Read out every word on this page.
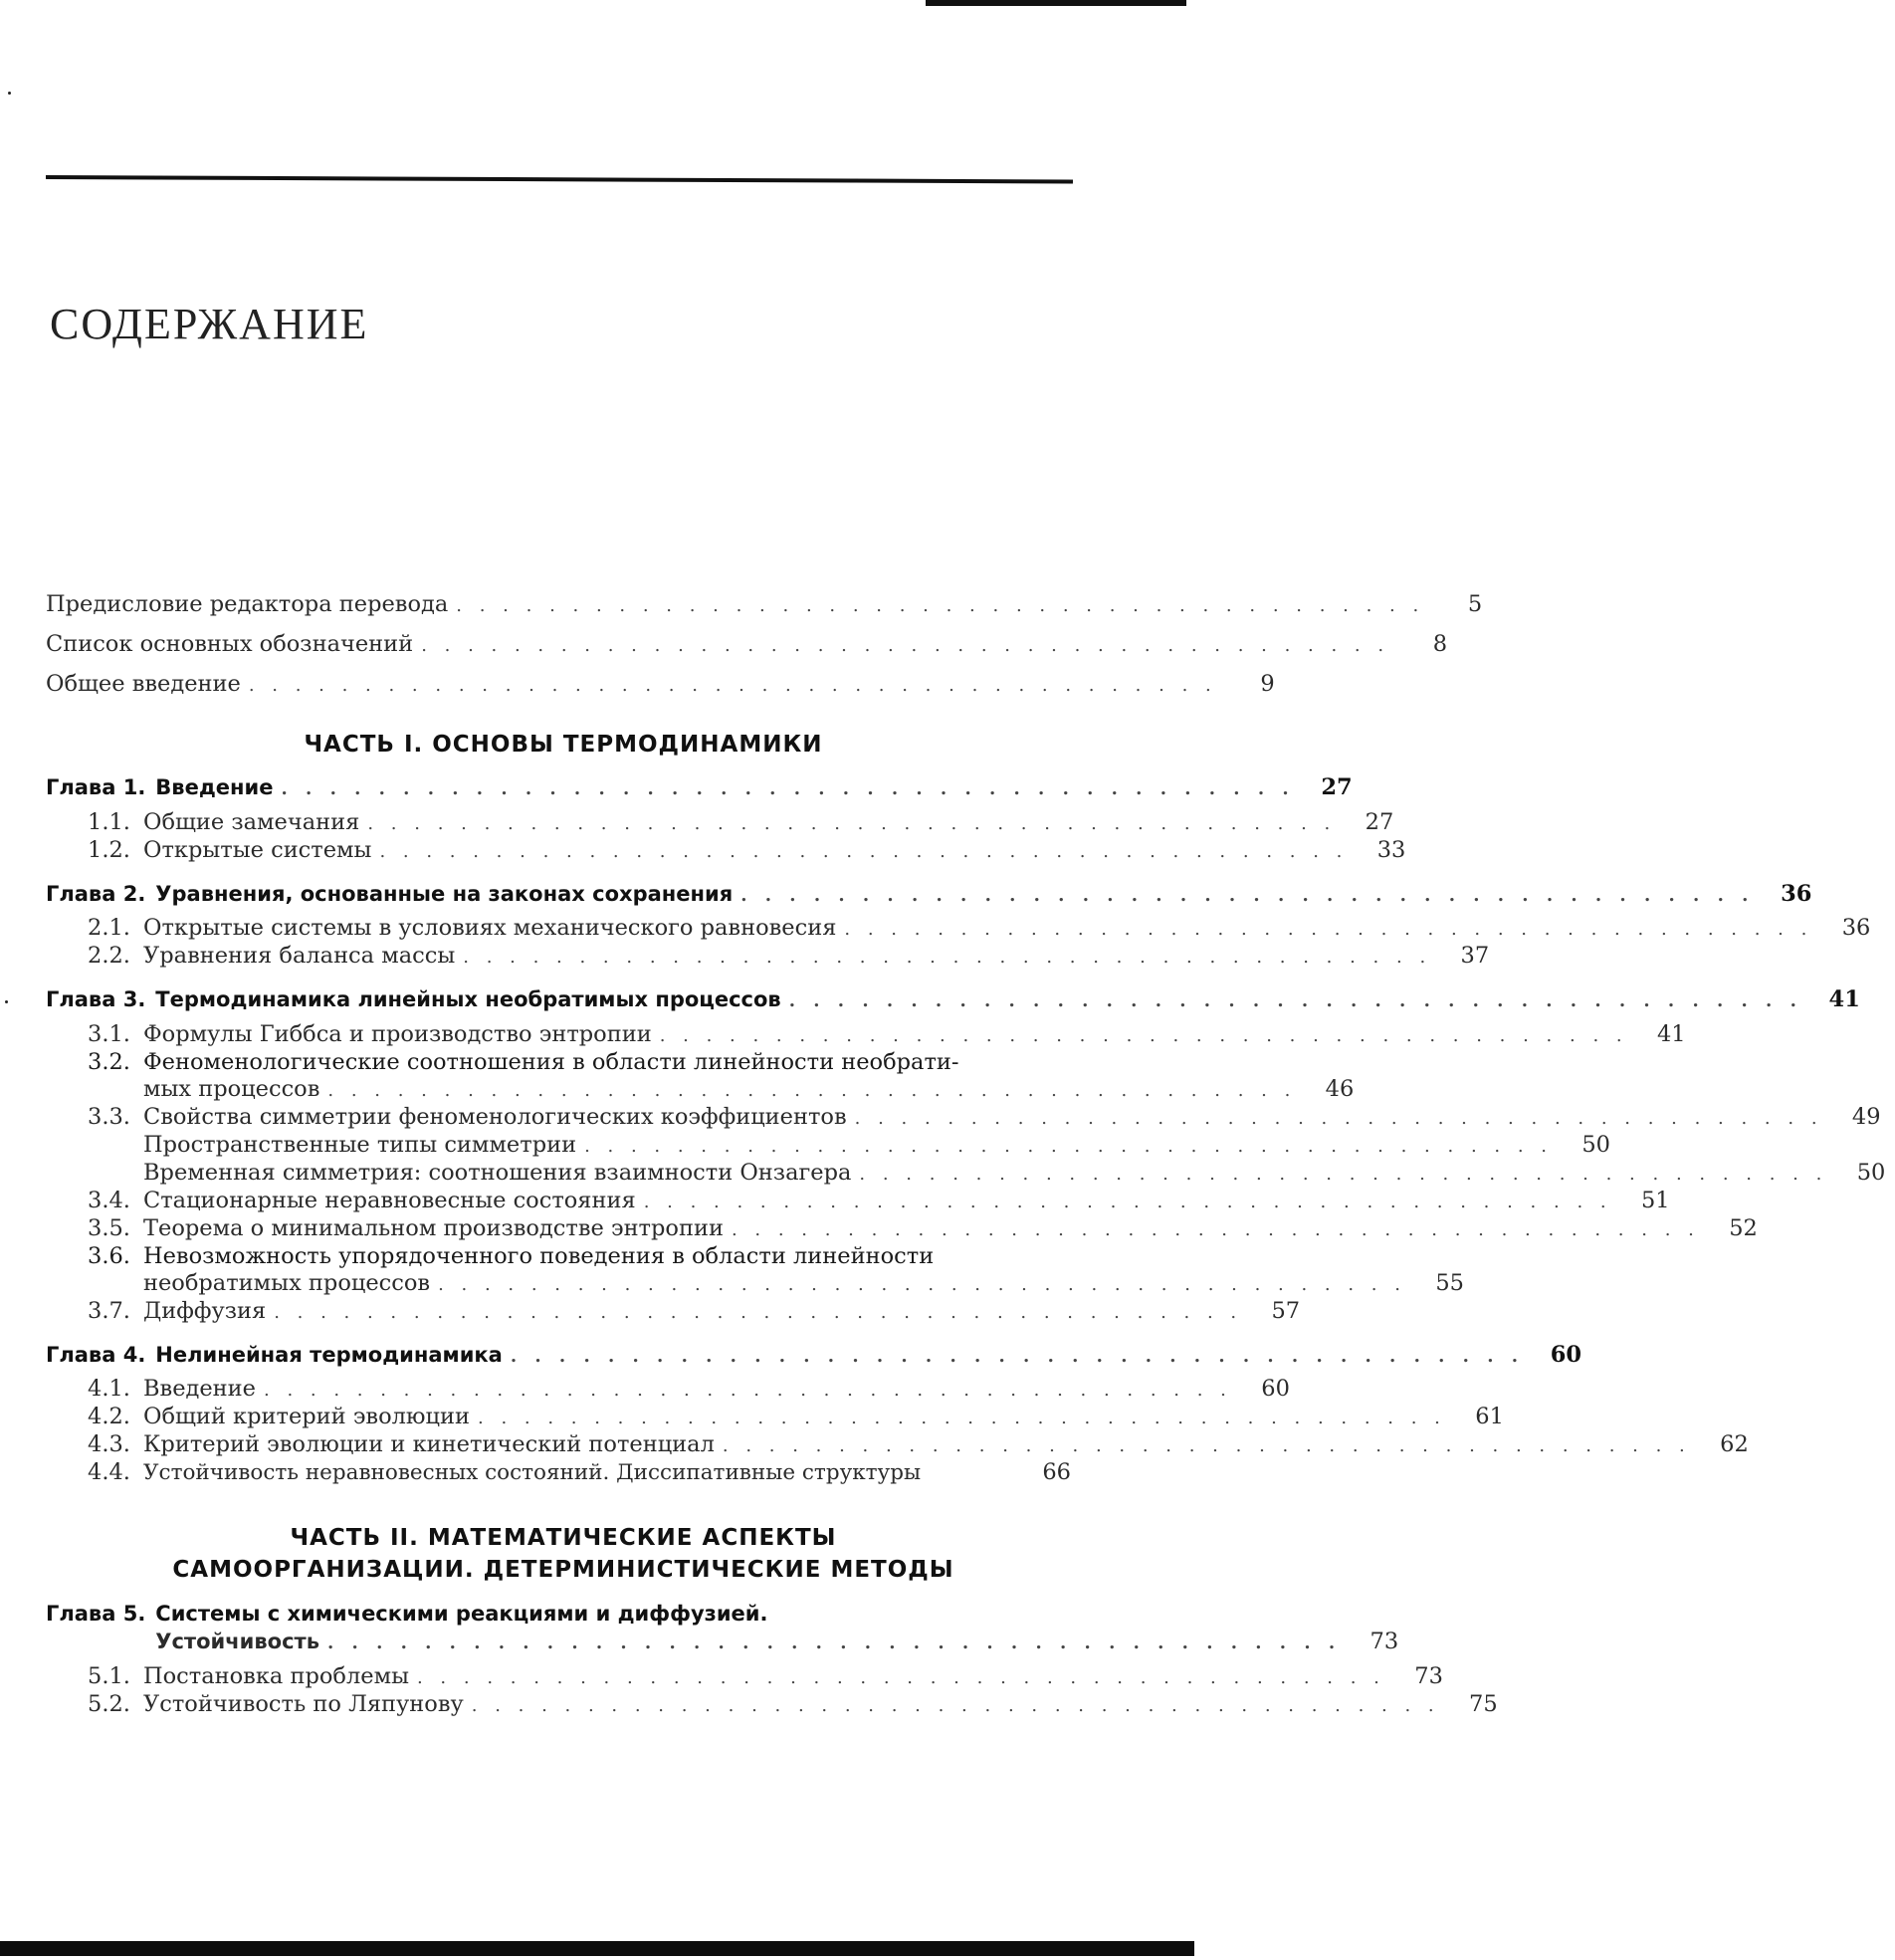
СОДЕРЖАНИЕ
Предисловие редактора перевода . . . . . . . . . . . . . . . . . . . . . . . . . . . . . . . . . . . . . . . . . .	5
Список основных обозначений . . . . . . . . . . . . . . . . . . . . . . . . . . . . . . . . . . . . . . . . . .	8
Общее введение . . . . . . . . . . . . . . . . . . . . . . . . . . . . . . . . . . . . . . . . . .	9
ЧАСТЬ I. ОСНОВЫ ТЕРМОДИНАМИКИ
Глава 1. Введение . . . . . . . . . . . . . . . . . . . . . . . . . . . . . . . . . . . . . . . . . .	27
1.1. Общие замечания . . . . . . . . . . . . . . . . . . . . . . . . . . . . . . . . . . . . . . . . . .	27
1.2. Открытые системы . . . . . . . . . . . . . . . . . . . . . . . . . . . . . . . . . . . . . . . . . .	33
Глава 2. Уравнения, основанные на законах сохранения . . . . . . . . . . . . . . . . . . . . . . . . . . . . . . . . . . . . . . . . . .	36
2.1. Открытые системы в условиях механического равновесия . . . . . . . . . . . . . . . . . . . . . . . . . . . . . . . . . . . . . . . . . .	36
2.2. Уравнения баланса массы . . . . . . . . . . . . . . . . . . . . . . . . . . . . . . . . . . . . . . . . . .	37
Глава 3. Термодинамика линейных необратимых процессов . . . . . . . . . . . . . . . . . . . . . . . . . . . . . . . . . . . . . . . . . .	41
3.1. Формулы Гиббса и производство энтропии . . . . . . . . . . . . . . . . . . . . . . . . . . . . . . . . . . . . . . . . . .	41
3.2. Феноменологические соотношения в области линейности необрати-
мых процессов . . . . . . . . . . . . . . . . . . . . . . . . . . . . . . . . . . . . . . . . . .	46
3.3. Свойства симметрии феноменологических коэффициентов . . . . . . . . . . . . . . . . . . . . . . . . . . . . . . . . . . . . . . . . . .	49
Пространственные типы симметрии . . . . . . . . . . . . . . . . . . . . . . . . . . . . . . . . . . . . . . . . . .	50
Временная симметрия: соотношения взаимности Онзагера . . . . . . . . . . . . . . . . . . . . . . . . . . . . . . . . . . . . . . . . . .	50
3.4. Стационарные неравновесные состояния . . . . . . . . . . . . . . . . . . . . . . . . . . . . . . . . . . . . . . . . . .	51
3.5. Теорема о минимальном производстве энтропии . . . . . . . . . . . . . . . . . . . . . . . . . . . . . . . . . . . . . . . . . .	52
3.6. Невозможность упорядоченного поведения в области линейности
необратимых процессов . . . . . . . . . . . . . . . . . . . . . . . . . . . . . . . . . . . . . . . . . .	55
3.7. Диффузия . . . . . . . . . . . . . . . . . . . . . . . . . . . . . . . . . . . . . . . . . .	57
Глава 4. Нелинейная термодинамика . . . . . . . . . . . . . . . . . . . . . . . . . . . . . . . . . . . . . . . . . .	60
4.1. Введение . . . . . . . . . . . . . . . . . . . . . . . . . . . . . . . . . . . . . . . . . .	60
4.2. Общий критерий эволюции . . . . . . . . . . . . . . . . . . . . . . . . . . . . . . . . . . . . . . . . . .	61
4.3. Критерий эволюции и кинетический потенциал . . . . . . . . . . . . . . . . . . . . . . . . . . . . . . . . . . . . . . . . . .	62
4.4. Устойчивость неравновесных состояний. Диссипативные структуры	66
ЧАСТЬ II. МАТЕМАТИЧЕСКИЕ АСПЕКТЫ
САМООРГАНИЗАЦИИ. ДЕТЕРМИНИСТИЧЕСКИЕ МЕТОДЫ
Глава 5. Системы с химическими реакциями и диффузией.
Устойчивость . . . . . . . . . . . . . . . . . . . . . . . . . . . . . . . . . . . . . . . . . .	73
5.1. Постановка проблемы . . . . . . . . . . . . . . . . . . . . . . . . . . . . . . . . . . . . . . . . . .	73
5.2. Устойчивость по Ляпунову . . . . . . . . . . . . . . . . . . . . . . . . . . . . . . . . . . . . . . . . . .	75
